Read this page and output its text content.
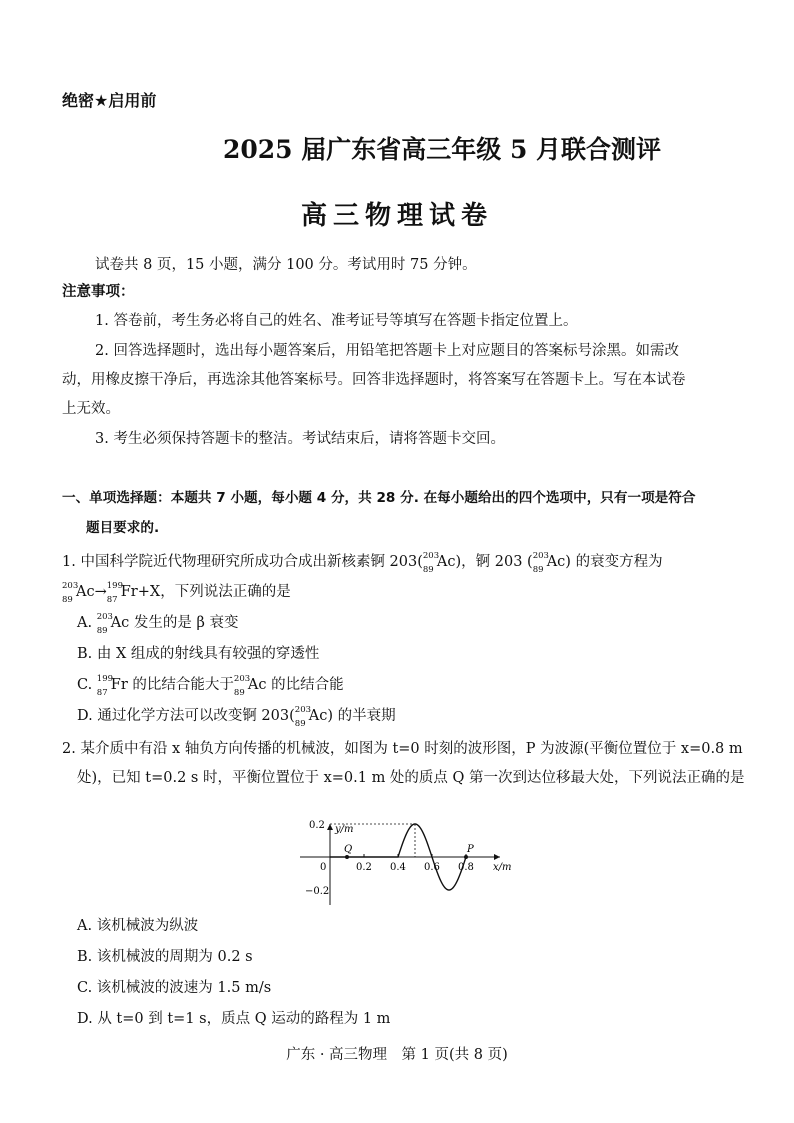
绝密★启用前
2025 届广东省高三年级 5 月联合测评
高三物理试卷
试卷共 8 页，15 小题，满分 100 分。考试用时 75 分钟。
注意事项：
1. 答卷前，考生务必将自己的姓名、准考证号等填写在答题卡指定位置上。
2. 回答选择题时，选出每小题答案后，用铅笔把答题卡上对应题目的答案标号涂黑。如需改
动，用橡皮擦干净后，再选涂其他答案标号。回答非选择题时，将答案写在答题卡上。写在本试卷
上无效。
3. 考生必须保持答题卡的整洁。考试结束后，请将答题卡交回。
一、单项选择题：本题共 7 小题，每小题 4 分，共 28 分. 在每小题给出的四个选项中，只有一项是符合
题目要求的.
1. 中国科学院近代物理研究所成功合成出新核素锕 203( 203
89 Ac)，锕 203 ( 203
89 Ac) 的衰变方程为
203
89 Ac→ 199
87 Fr+X，下列说法正确的是
A. 203
89 Ac 发生的是 β 衰变
B. 由 X 组成的射线具有较强的穿透性
C. 199
87 Fr 的比结合能大于 203
89 Ac 的比结合能
D. 通过化学方法可以改变锕 203( 203
89 Ac) 的半衰期
2. 某介质中有沿 x 轴负方向传播的机械波，如图为 t=0 时刻的波形图，P 为波源(平衡位置位于 x=0.8 m
处)，已知 t=0.2 s 时，平衡位置位于 x=0.1 m 处的质点 Q 第一次到达位移最大处，下列说法正确的是
y/m
x/m
0
0.2
−0.2
0.2 0.4 0.6 0.8
Q	P
A. 该机械波为纵波
B. 该机械波的周期为 0.2 s
C. 该机械波的波速为 1.5 m/s
D. 从 t=0 到 t=1 s，质点 Q 运动的路程为 1 m
广东 · 高三物理　第 1 页(共 8 页)
